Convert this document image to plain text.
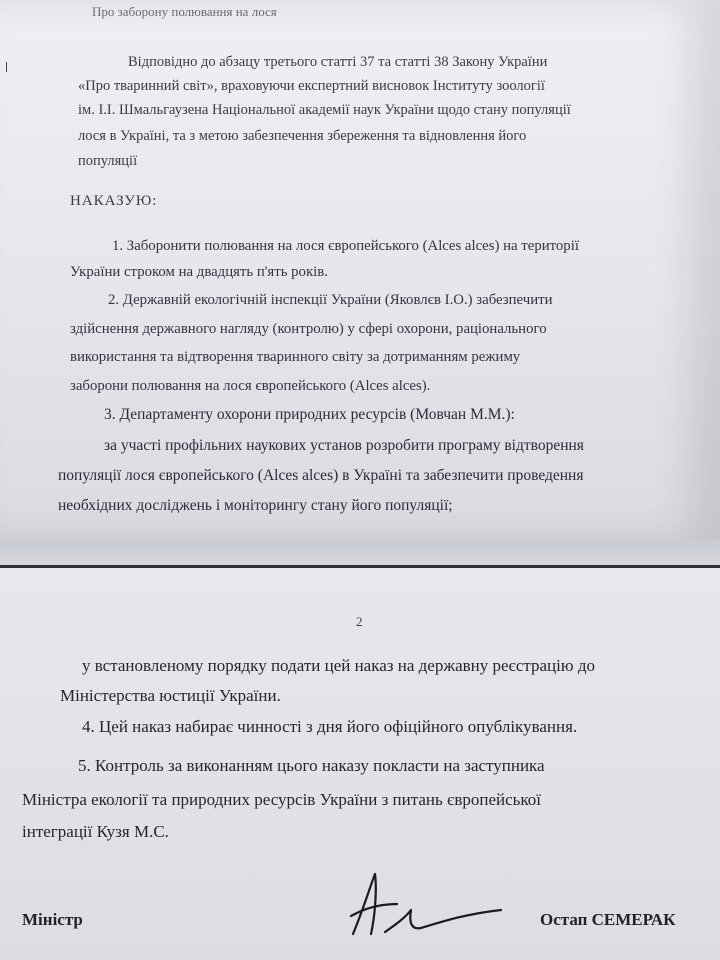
Про заборону полювання на лося
Відповідно до абзацу третього статті 37 та статті 38 Закону України
«Про тваринний світ», враховуючи експертний висновок Інституту зоології
ім. І.І. Шмальгаузена Національної академії наук України щодо стану популяції
лося в Україні, та з метою забезпечення збереження та відновлення його
популяції
НАКАЗУЮ:
1. Заборонити полювання на лося європейського (Alces alces) на території
України строком на двадцять п'ять років.
2. Державній екологічній інспекції України (Яковлєв І.О.) забезпечити
здійснення державного нагляду (контролю) у сфері охорони, раціонального
використання та відтворення тваринного світу за дотриманням режиму
заборони полювання на лося європейського (Alces alces).
3. Департаменту охорони природних ресурсів (Мовчан М.М.):
за участі профільних наукових установ розробити програму відтворення
популяції лося європейського (Alces alces) в Україні та забезпечити проведення
необхідних досліджень і моніторингу стану його популяції;
2
у встановленому порядку подати цей наказ на державну реєстрацію до
Міністерства юстиції України.
4. Цей наказ набирає чинності з дня його офіційного опублікування.
5. Контроль за виконанням цього наказу покласти на заступника
Міністра екології та природних ресурсів України з питань європейської
інтеграції Кузя М.С.
Міністр	Остап СЕМЕРАК
